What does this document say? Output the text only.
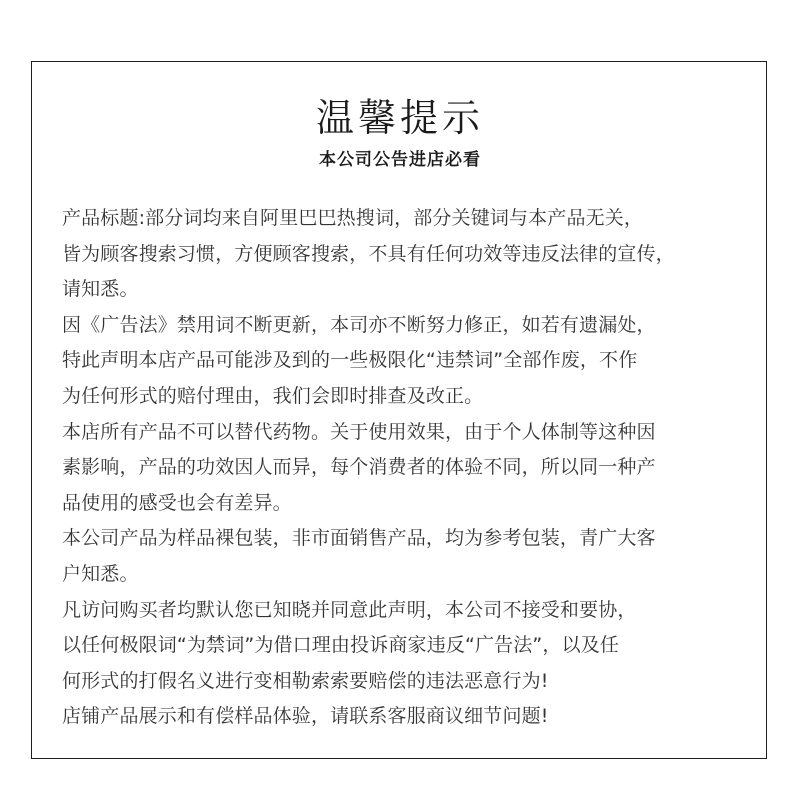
温馨提示
本公司公告进店必看
产品标题:部分词均来自阿里巴巴热搜词，部分关键词与本产品无关，
皆为顾客搜索习惯，方便顾客搜索，不具有任何功效等违反法律的宣传，
请知悉。
因《广告法》禁用词不断更新，本司亦不断努力修正，如若有遗漏处，
特此声明本店产品可能涉及到的一些极限化“违禁词”全部作废，不作
为任何形式的赔付理由，我们会即时排查及改正。
本店所有产品不可以替代药物。关于使用效果，由于个人体制等这种因
素影响，产品的功效因人而异，每个消费者的体验不同，所以同一种产
品使用的感受也会有差异。
本公司产品为样品裸包装，非市面销售产品，均为参考包装，青广大客
户知悉。
凡访问购买者均默认您已知晓并同意此声明，本公司不接受和要协，
以任何极限词“为禁词”为借口理由投诉商家违反“广告法”，以及任
何形式的打假名义进行变相勒索索要赔偿的违法恶意行为!
店铺产品展示和有偿样品体验，请联系客服商议细节问题!
